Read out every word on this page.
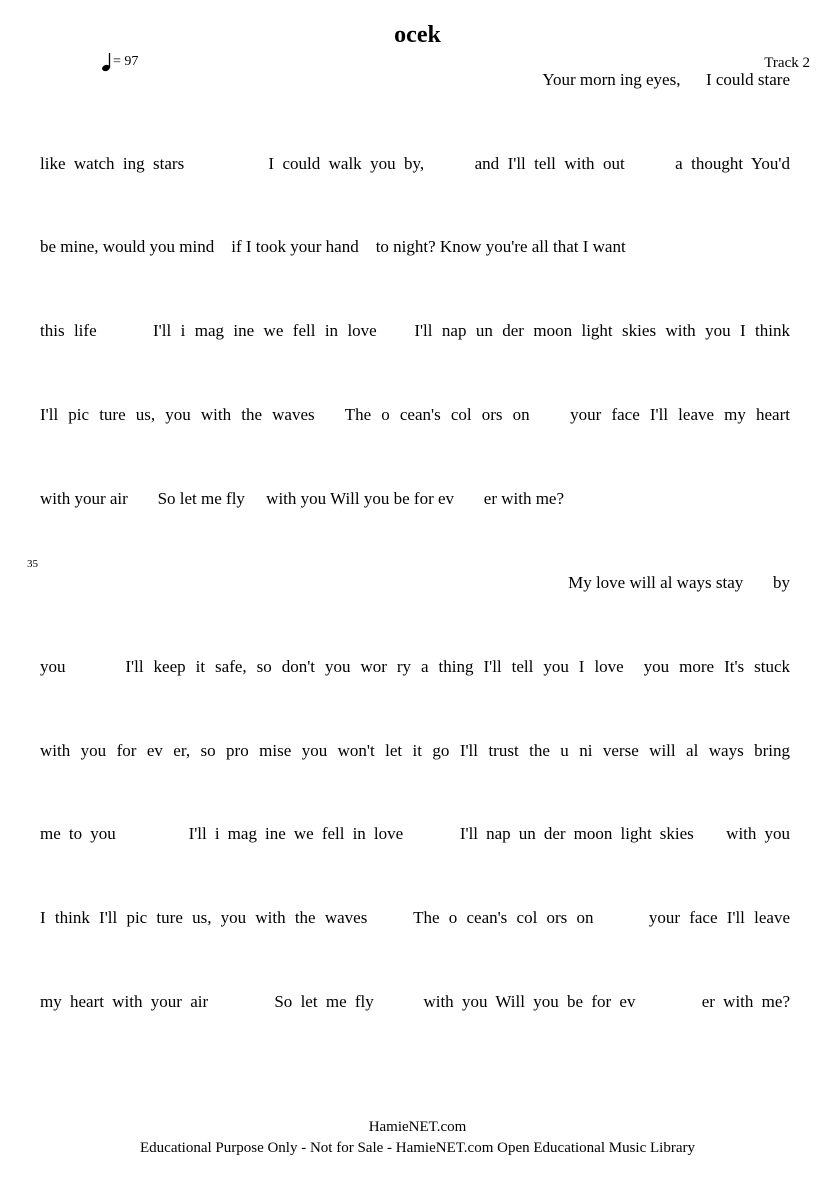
ocek
= 97	Track 2
35
Your morn ing eyes,      I could stare
like watch ing stars          I could walk you by,      and I'll tell with out      a thought You'd
be mine, would you mind    if I took your hand    to night? Know you're all that I want
this life      I'll i mag ine we fell in love    I'll nap un der moon light skies with you I think
I'll pic ture us, you with the waves   The o cean's col ors on    your face I'll leave my heart
with your air       So let me fly     with you Will you be for ev       er with me?
My love will al ways stay       by
you      I'll keep it safe, so don't you wor ry a thing I'll tell you I love  you more It's stuck
with you for ev er, so pro mise you won't let it go I'll trust the u ni verse will al ways bring
me to you         I'll i mag ine we fell in love       I'll nap un der moon light skies    with you
I think I'll pic ture us, you with the waves     The o cean's col ors on      your face I'll leave
my heart with your air        So let me fly      with you Will you be for ev        er with me?
HamieNET.com
Educational Purpose Only - Not for Sale - HamieNET.com Open Educational Music Library
